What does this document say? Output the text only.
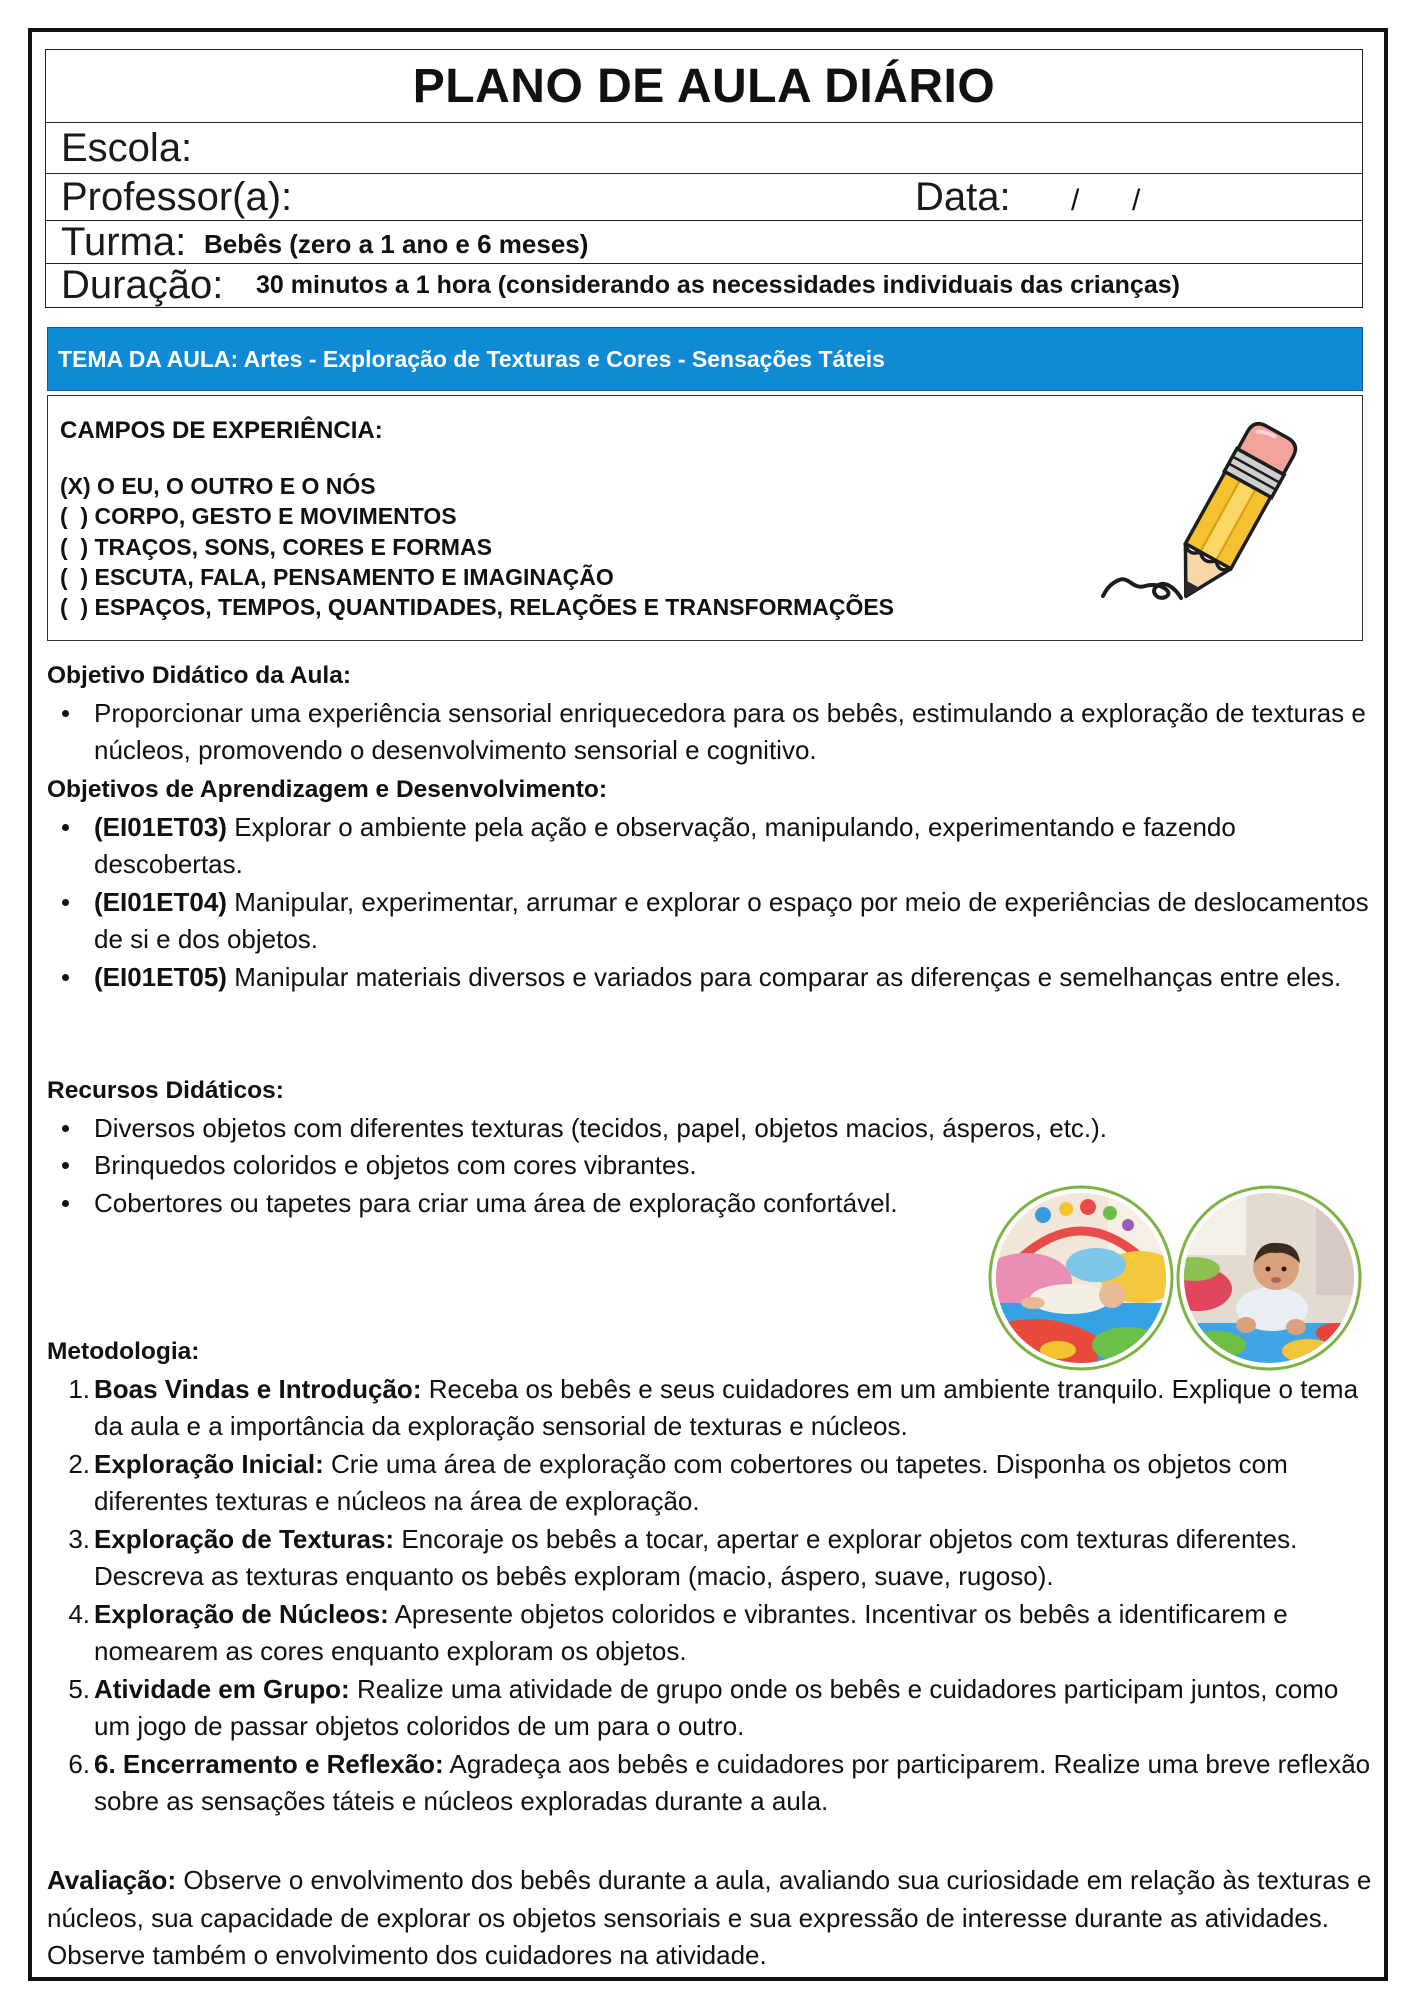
PLANO DE AULA DIÁRIO
Escola:
Professor(a):	Data: / /
Turma: Bebês (zero a 1 ano e 6 meses)
Duração: 30 minutos a 1 hora (considerando as necessidades individuais das crianças)
TEMA DA AULA: Artes - Exploração de Texturas e Cores - Sensações Táteis
CAMPOS DE EXPERIÊNCIA:
(X) O EU, O OUTRO E O NÓS
(  ) CORPO, GESTO E MOVIMENTOS
(  ) TRAÇOS, SONS, CORES E FORMAS
(  ) ESCUTA, FALA, PENSAMENTO E IMAGINAÇÃO
(  ) ESPAÇOS, TEMPOS, QUANTIDADES, RELAÇÕES E TRANSFORMAÇÕES
Objetivo Didático da Aula:
Proporcionar uma experiência sensorial enriquecedora para os bebês, estimulando a exploração de texturas e núcleos, promovendo o desenvolvimento sensorial e cognitivo.
Objetivos de Aprendizagem e Desenvolvimento:
(EI01ET03) Explorar o ambiente pela ação e observação, manipulando, experimentando e fazendo descobertas.
(EI01ET04) Manipular, experimentar, arrumar e explorar o espaço por meio de experiências de deslocamentos de si e dos objetos.
(EI01ET05) Manipular materiais diversos e variados para comparar as diferenças e semelhanças entre eles.
Recursos Didáticos:
Diversos objetos com diferentes texturas (tecidos, papel, objetos macios, ásperos, etc.).
Brinquedos coloridos e objetos com cores vibrantes.
Cobertores ou tapetes para criar uma área de exploração confortável.
Metodologia:
1. Boas Vindas e Introdução: Receba os bebês e seus cuidadores em um ambiente tranquilo. Explique o tema da aula e a importância da exploração sensorial de texturas e núcleos.
2. Exploração Inicial: Crie uma área de exploração com cobertores ou tapetes. Disponha os objetos com diferentes texturas e núcleos na área de exploração.
3. Exploração de Texturas: Encoraje os bebês a tocar, apertar e explorar objetos com texturas diferentes. Descreva as texturas enquanto os bebês exploram (macio, áspero, suave, rugoso).
4. Exploração de Núcleos: Apresente objetos coloridos e vibrantes. Incentivar os bebês a identificarem e nomearem as cores enquanto exploram os objetos.
5. Atividade em Grupo: Realize uma atividade de grupo onde os bebês e cuidadores participam juntos, como um jogo de passar objetos coloridos de um para o outro.
6. 6. Encerramento e Reflexão: Agradeça aos bebês e cuidadores por participarem. Realize uma breve reflexão sobre as sensações táteis e núcleos exploradas durante a aula.

Avaliação: Observe o envolvimento dos bebês durante a aula, avaliando sua curiosidade em relação às texturas e núcleos, sua capacidade de explorar os objetos sensoriais e sua expressão de interesse durante as atividades. Observe também o envolvimento dos cuidadores na atividade.
